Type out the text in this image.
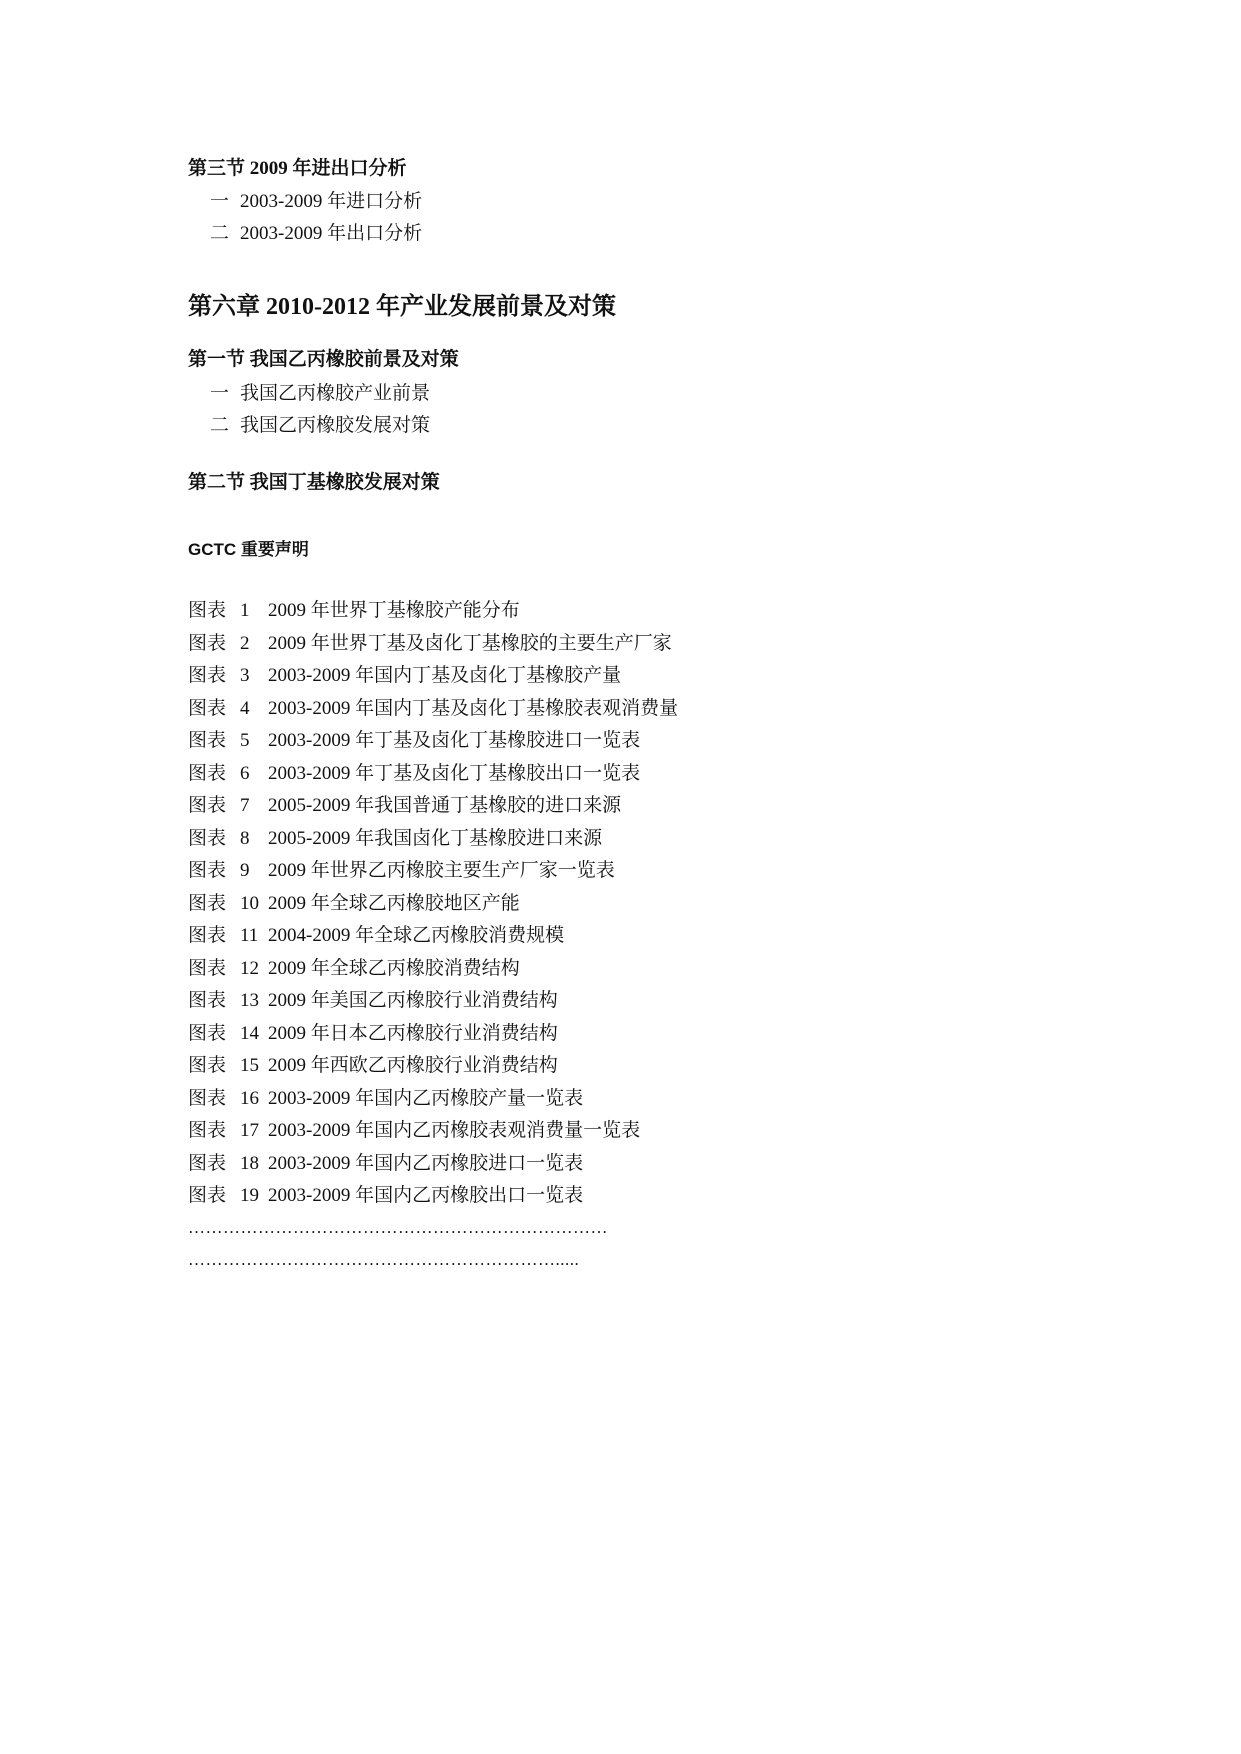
第三节 2009 年进出口分析
一 2003-2009 年进口分析
二 2003-2009 年出口分析
第六章 2010-2012 年产业发展前景及对策
第一节 我国乙丙橡胶前景及对策
一 我国乙丙橡胶产业前景
二 我国乙丙橡胶发展对策
第二节 我国丁基橡胶发展对策
GCTC 重要声明
图表 1 2009 年世界丁基橡胶产能分布
图表 2 2009 年世界丁基及卤化丁基橡胶的主要生产厂家
图表 3 2003-2009 年国内丁基及卤化丁基橡胶产量
图表 4 2003-2009 年国内丁基及卤化丁基橡胶表观消费量
图表 5 2003-2009 年丁基及卤化丁基橡胶进口一览表
图表 6 2003-2009 年丁基及卤化丁基橡胶出口一览表
图表 7 2005-2009 年我国普通丁基橡胶的进口来源
图表 8 2005-2009 年我国卤化丁基橡胶进口来源
图表 9 2009 年世界乙丙橡胶主要生产厂家一览表
图表 10 2009 年全球乙丙橡胶地区产能
图表 11 2004-2009 年全球乙丙橡胶消费规模
图表 12 2009 年全球乙丙橡胶消费结构
图表 13 2009 年美国乙丙橡胶行业消费结构
图表 14 2009 年日本乙丙橡胶行业消费结构
图表 15 2009 年西欧乙丙橡胶行业消费结构
图表 16 2003-2009 年国内乙丙橡胶产量一览表
图表 17 2003-2009 年国内乙丙橡胶表观消费量一览表
图表 18 2003-2009 年国内乙丙橡胶进口一览表
图表 19 2003-2009 年国内乙丙橡胶出口一览表
………………………………………………………………
……………………………………………………….....
